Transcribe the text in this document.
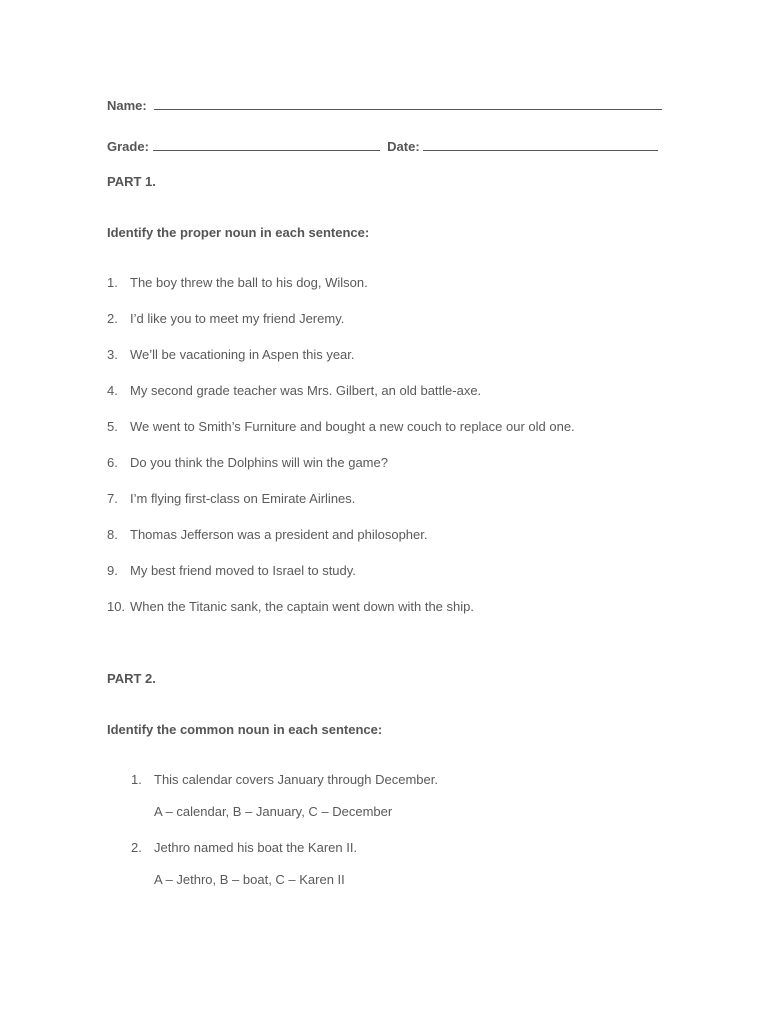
Name:
Grade:	Date:
PART 1.
Identify the proper noun in each sentence:
1. The boy threw the ball to his dog, Wilson.
2. I’d like you to meet my friend Jeremy.
3. We’ll be vacationing in Aspen this year.
4. My second grade teacher was Mrs. Gilbert, an old battle-axe.
5. We went to Smith’s Furniture and bought a new couch to replace our old one.
6. Do you think the Dolphins will win the game?
7. I’m flying first-class on Emirate Airlines.
8. Thomas Jefferson was a president and philosopher.
9. My best friend moved to Israel to study.
10. When the Titanic sank, the captain went down with the ship.
PART 2.
Identify the common noun in each sentence:
1. This calendar covers January through December.
A – calendar, B – January, C – December
2. Jethro named his boat the Karen II.
A – Jethro, B – boat, C – Karen II
